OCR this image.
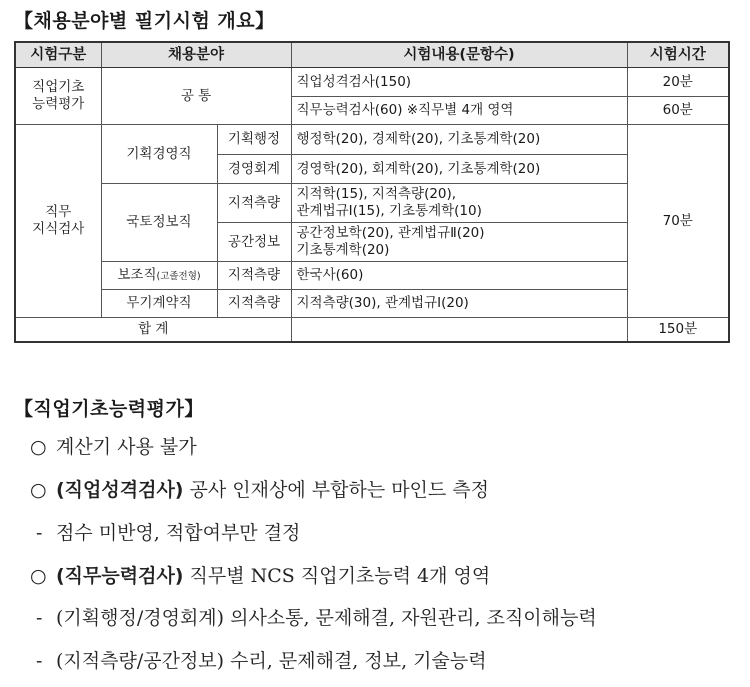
【채용분야별 필기시험 개요】
시험구분	채용분야		시험내용(문항수)	시험시간
직업기초
능력평가	공 통		직업성격검사(150)	20분
			직무능력검사(60) ※직무별 4개 영역	60분
직무
지식검사	기획경영직	기획행정	행정학(20), 경제학(20), 기초통계학(20)	70분
		경영회계	경영학(20), 회계학(20), 기초통계학(20)	
	국토정보직	지적측량	지적학(15), 지적측량(20),
관계법규Ⅰ(15), 기초통계학(10)	
		공간정보	공간정보학(20), 관계법규Ⅱ(20)
기초통계학(20)	
	보조직(고졸전형)	지적측량	한국사(60)	
	무기계약직	지적측량	지적측량(30), 관계법규Ⅰ(20)	
합 계				150분
【직업기초능력평가】
○ 계산기 사용 불가
○ (직업성격검사) 공사 인재상에 부합하는 마인드 측정
- 점수 미반영, 적합여부만 결정
○ (직무능력검사) 직무별 NCS 직업기초능력 4개 영역
- (기획행정/경영회계) 의사소통, 문제해결, 자원관리, 조직이해능력
- (지적측량/공간정보) 수리, 문제해결, 정보, 기술능력
